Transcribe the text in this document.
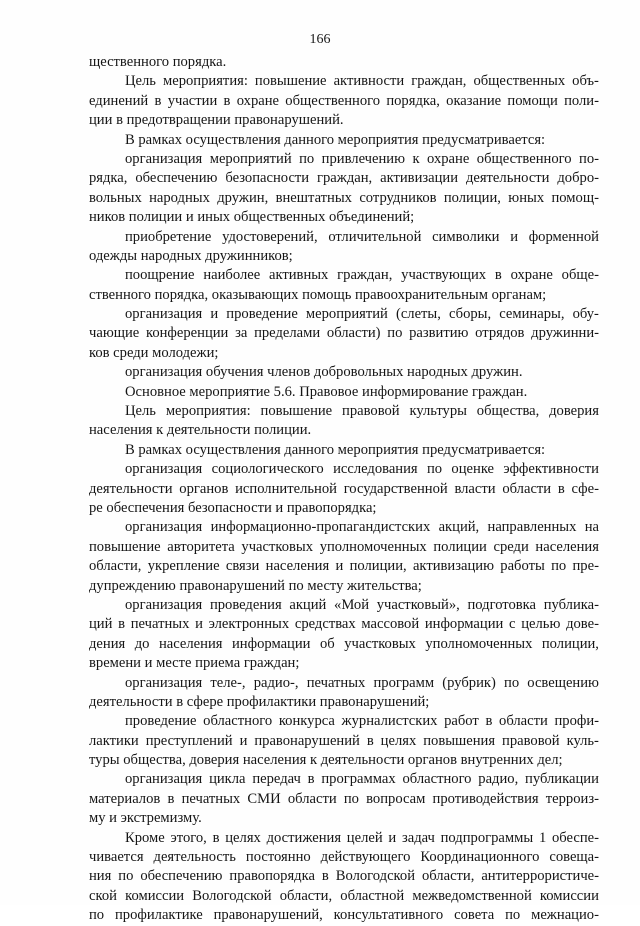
166
щественного порядка.
Цель мероприятия: повышение активности граждан, общественных объ-
единений в участии в охране общественного порядка, оказание помощи поли-
ции в предотвращении правонарушений.
В рамках осуществления данного мероприятия предусматривается:
организация мероприятий по привлечению к охране общественного по-
рядка, обеспечению безопасности граждан, активизации деятельности добро-
вольных народных дружин, внештатных сотрудников полиции, юных помощ-
ников полиции и иных общественных объединений;
приобретение удостоверений, отличительной символики и форменной
одежды народных дружинников;
поощрение наиболее активных граждан, участвующих в охране обще-
ственного порядка, оказывающих помощь правоохранительным органам;
организация и проведение мероприятий (слеты, сборы, семинары, обу-
чающие конференции за пределами области) по развитию отрядов дружинни-
ков среди молодежи;
организация обучения членов добровольных народных дружин.
Основное мероприятие 5.6. Правовое информирование граждан.
Цель мероприятия: повышение правовой культуры общества, доверия
населения к деятельности полиции.
В рамках осуществления данного мероприятия предусматривается:
организация социологического исследования по оценке эффективности
деятельности органов исполнительной государственной власти области в сфе-
ре обеспечения безопасности и правопорядка;
организация информационно-пропагандистских акций, направленных на
повышение авторитета участковых уполномоченных полиции среди населения
области, укрепление связи населения и полиции, активизацию работы по пре-
дупреждению правонарушений по месту жительства;
организация проведения акций «Мой участковый», подготовка публика-
ций в печатных и электронных средствах массовой информации с целью дове-
дения до населения информации об участковых уполномоченных полиции,
времени и месте приема граждан;
организация теле-, радио-, печатных программ (рубрик) по освещению
деятельности в сфере профилактики правонарушений;
проведение областного конкурса журналистских работ в области профи-
лактики преступлений и правонарушений в целях повышения правовой куль-
туры общества, доверия населения к деятельности органов внутренних дел;
организация цикла передач в программах областного радио, публикации
материалов в печатных СМИ области по вопросам противодействия терроиз-
му и экстремизму.
Кроме этого, в целях достижения целей и задач подпрограммы 1 обеспе-
чивается деятельность постоянно действующего Координационного совеща-
ния по обеспечению правопорядка в Вологодской области, антитеррористиче-
ской комиссии Вологодской области, областной межведомственной комиссии
по профилактике правонарушений, консультативного совета по межнацио-
